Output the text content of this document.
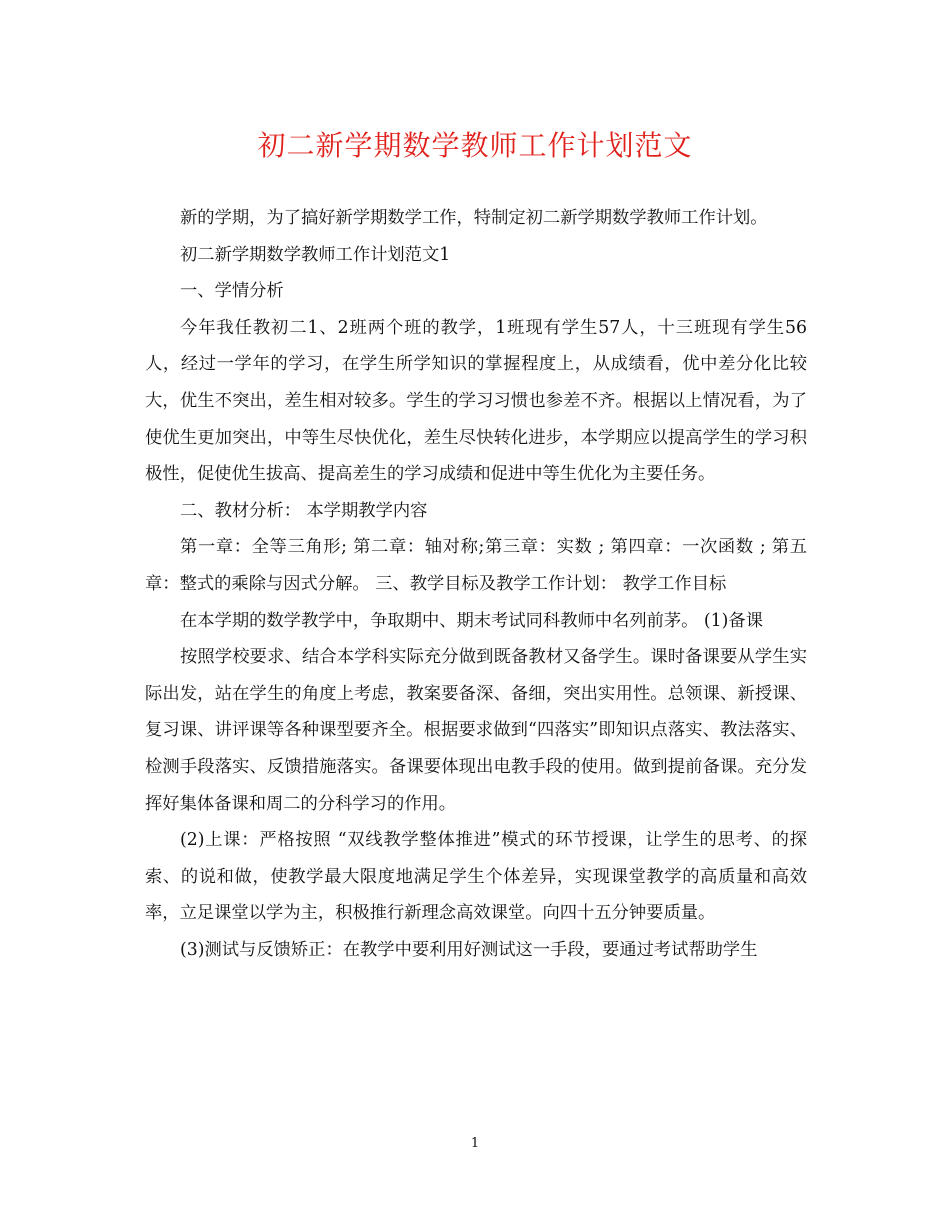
初二新学期数学教师工作计划范文

新的学期，为了搞好新学期数学工作，特制定初二新学期数学教师工作计划。

初二新学期数学教师工作计划范文1

一、学情分析

今年我任教初二1、2班两个班的教学，1班现有学生57人，十三班现有学生56人，经过一学年的学习，在学生所学知识的掌握程度上，从成绩看，优中差分化比较大，优生不突出，差生相对较多。学生的学习习惯也参差不齐。根据以上情况看，为了使优生更加突出，中等生尽快优化，差生尽快转化进步，本学期应以提高学生的学习积极性，促使优生拔高、提高差生的学习成绩和促进中等生优化为主要任务。

二、教材分析： 本学期教学内容

第一章：全等三角形; 第二章：轴对称;第三章：实数 ; 第四章：一次函数 ; 第五章：整式的乘除与因式分解。 三、教学目标及教学工作计划： 教学工作目标

在本学期的数学教学中，争取期中、期末考试同科教师中名列前茅。 (1)备课

按照学校要求、结合本学科实际充分做到既备教材又备学生。课时备课要从学生实际出发，站在学生的角度上考虑，教案要备深、备细，突出实用性。总领课、新授课、复习课、讲评课等各种课型要齐全。根据要求做到“四落实”即知识点落实、教法落实、检测手段落实、反馈措施落实。备课要体现出电教手段的使用。做到提前备课。充分发挥好集体备课和周二的分科学习的作用。

(2)上课：严格按照 “双线教学整体推进”模式的环节授课，让学生的思考、的探索、的说和做，使教学最大限度地满足学生个体差异，实现课堂教学的高质量和高效率，立足课堂以学为主，积极推行新理念高效课堂。向四十五分钟要质量。

(3)测试与反馈矫正：在教学中要利用好测试这一手段，要通过考试帮助学生

1
